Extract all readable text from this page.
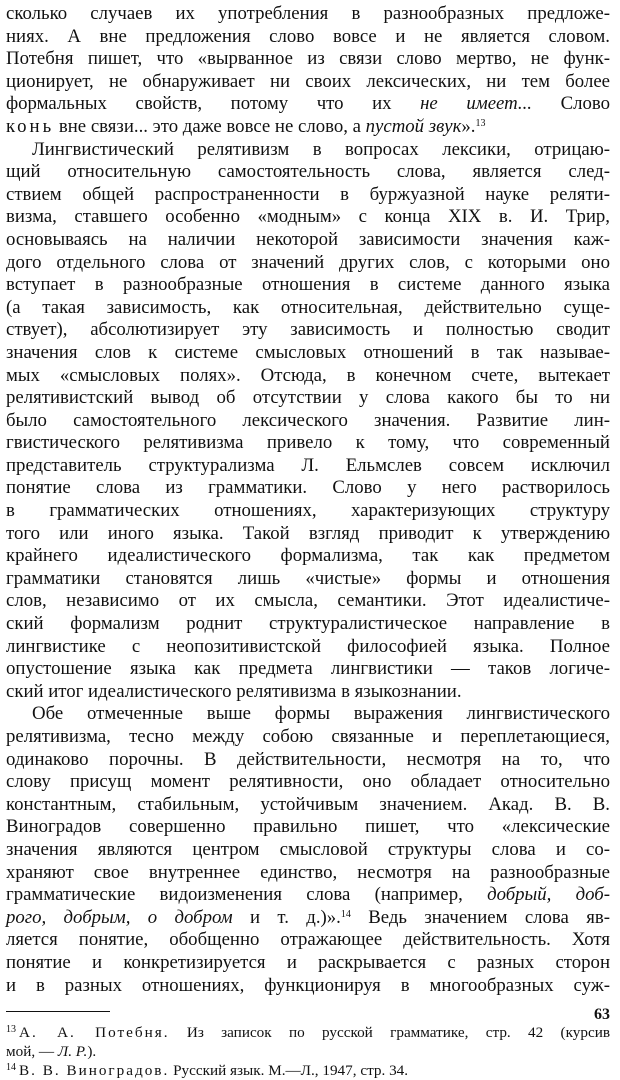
сколько случаев их употребления в разнообразных предложе-
ниях. А вне предложения слово вовсе и не является словом.
Потебня пишет, что «вырванное из связи слово мертво, не функ-
ционирует, не обнаруживает ни своих лексических, ни тем более
формальных свойств, потому что их не имеет... Слово
конь вне связи... это даже вовсе не слово, а пустой звук».$^{13}$
Лингвистический релятивизм в вопросах лексики, отрицаю-
щий относительную самостоятельность слова, является след-
ствием общей распространенности в буржуазной науке реляти-
визма, ставшего особенно «модным» с конца XIX в. И. Трир,
основываясь на наличии некоторой зависимости значения каж-
дого отдельного слова от значений других слов, с которыми оно
вступает в разнообразные отношения в системе данного языка
(а такая зависимость, как относительная, действительно суще-
ствует), абсолютизирует эту зависимость и полностью сводит
значения слов к системе смысловых отношений в так называе-
мых «смысловых полях». Отсюда, в конечном счете, вытекает
релятивистский вывод об отсутствии у слова какого бы то ни
было самостоятельного лексического значения. Развитие лин-
гвистического релятивизма привело к тому, что современный
представитель структурализма Л. Ельмслев совсем исключил
понятие слова из грамматики. Слово у него растворилось
в грамматических отношениях, характеризующих структуру
того или иного языка. Такой взгляд приводит к утверждению
крайнего идеалистического формализма, так как предметом
грамматики становятся лишь «чистые» формы и отношения
слов, независимо от их смысла, семантики. Этот идеалистиче-
ский формализм роднит структуралистическое направление в
лингвистике с неопозитивистской философией языка. Полное
опустошение языка как предмета лингвистики — таков логиче-
ский итог идеалистического релятивизма в языкознании.
Обе отмеченные выше формы выражения лингвистического
релятивизма, тесно между собою связанные и переплетающиеся,
одинаково порочны. В действительности, несмотря на то, что
слову присущ момент релятивности, оно обладает относительно
константным, стабильным, устойчивым значением. Акад. В. В.
Виноградов совершенно правильно пишет, что «лексические
значения являются центром смысловой структуры слова и со-
храняют свое внутреннее единство, несмотря на разнообразные
грамматические видоизменения слова (например, добрый, доб-
рого, добрым, о добром и т. д.)».$^{14}$ Ведь значением слова яв-
ляется понятие, обобщенно отражающее действительность. Хотя
понятие и конкретизируется и раскрывается с разных сторон
и в разных отношениях, функционируя в многообразных суж-
$^{13}$ А. А. Потебня. Из записок по русской грамматике, стр. 42 (курсив
мой, — Л. Р.).
$^{14}$ В. В. Виноградов. Русский язык. М.—Л., 1947, стр. 34.
63
